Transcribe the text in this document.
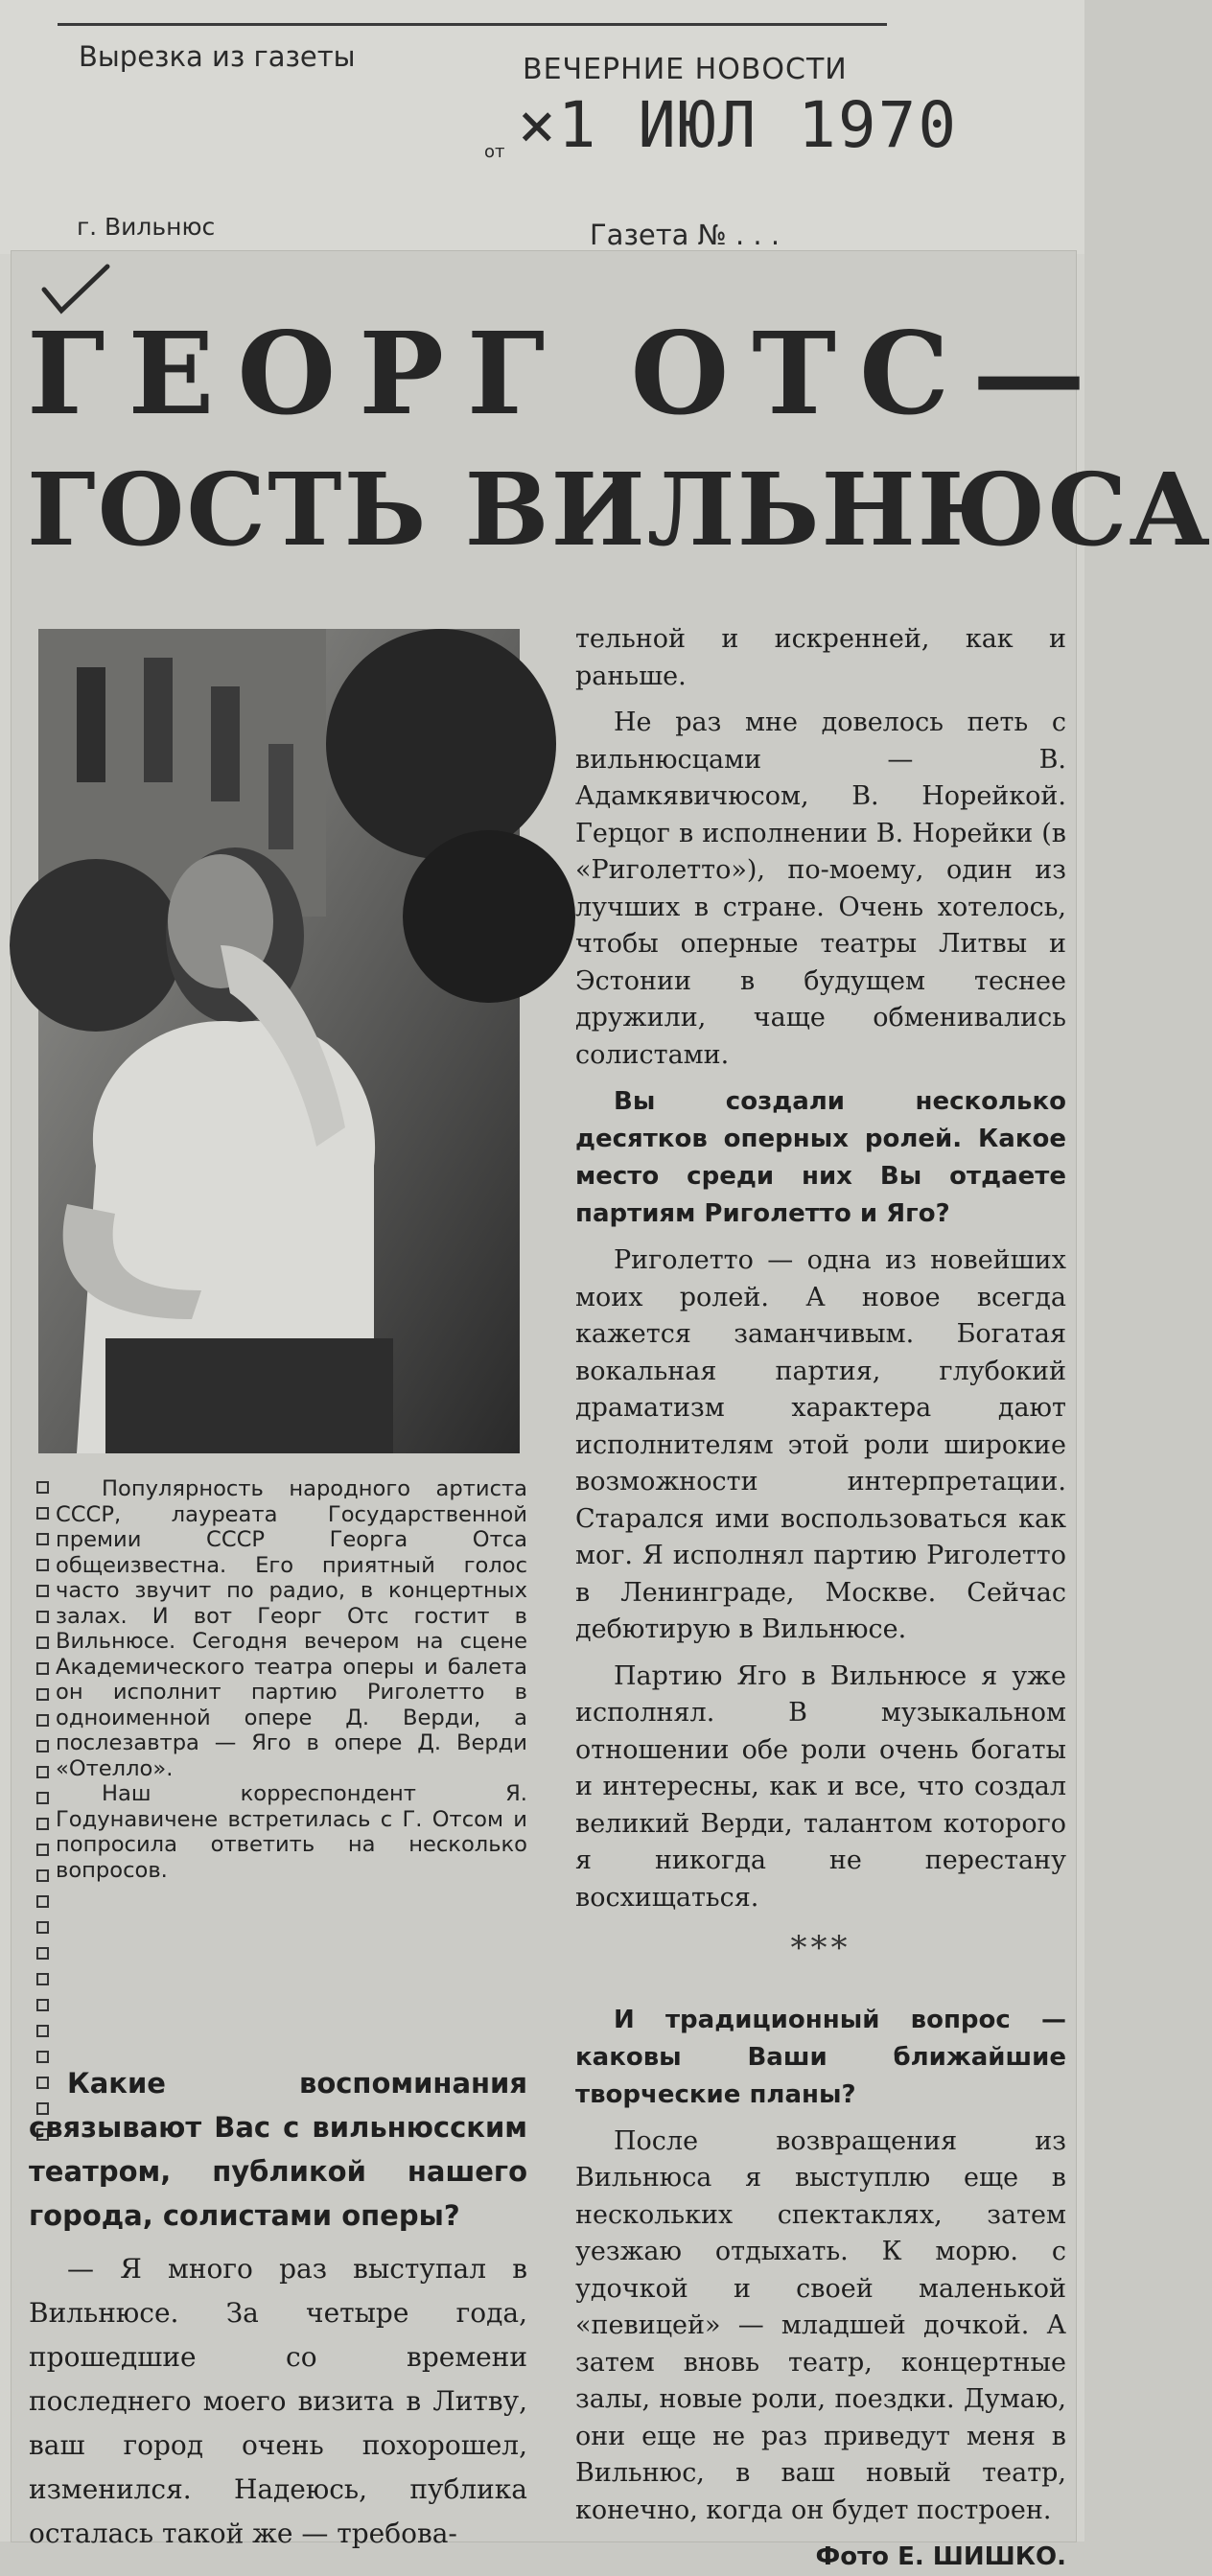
Вырезка из газеты	ВЕЧЕРНИЕ НОВОСТИ
от ×1 ИЮЛ 1970
г. Вильнюс	Газета № . . .
ГЕОРГ ОТС—
ГОСТЬ ВИЛЬНЮСА

Популярность народного артиста СССР, лауреата Государственной премии СССР Георга Отса общеизвестна. Его приятный голос часто звучит по радио, в концертных залах. И вот Георг Отс гостит в Вильнюсе. Сегодня вечером на сцене Академического театра оперы и балета он исполнит партию Риголетто в одноименной опере Д. Верди, а послезавтра — Яго в опере Д. Верди «Отелло».

Наш корреспондент Я. Годунавичене встретилась с Г. Отсом и попросила ответить на несколько вопросов.

Какие воспоминания связывают Вас с вильнюсским театром, публикой нашего города, солистами оперы?

— Я много раз выступал в Вильнюсе. За четыре года, прошедшие со времени последнего моего визита в Литву, ваш город очень похорошел, изменился. Надеюсь, публика осталась такой же — требова-

тельной и искренней, как и раньше.

Не раз мне довелось петь с вильнюсцами — В. Адамкявичюсом, В. Норейкой. Герцог в исполнении В. Норейки (в «Риголетто»), по-моему, один из лучших в стране. Очень хотелось, чтобы оперные театры Литвы и Эстонии в будущем теснее дружили, чаще обменивались солистами.

Вы создали несколько десятков оперных ролей. Какое место среди них Вы отдаете партиям Риголетто и Яго?

Риголетто — одна из новейших моих ролей. А новое всегда кажется заманчивым. Богатая вокальная партия, глубокий драматизм характера дают исполнителям этой роли широкие возможности интерпретации. Старался ими воспользоваться как мог. Я исполнял партию Риголетто в Ленинграде, Москве. Сейчас дебютирую в Вильнюсе.

Партию Яго в Вильнюсе я уже исполнял. В музыкальном отношении обе роли очень богаты и интересны, как и все, что создал великий Верди, талантом которого я никогда не перестану восхищаться.

***

И традиционный вопрос — каковы Ваши ближайшие творческие планы?

После возвращения из Вильнюса я выступлю еще в нескольких спектаклях, затем уезжаю отдыхать. К морю. с удочкой и своей маленькой «певицей» — младшей дочкой. А затем вновь театр, концертные залы, новые роли, поездки. Думаю, они еще не раз приведут меня в Вильнюс, в ваш новый театр, конечно, когда он будет построен.

Фото Е. ШИШКО.
